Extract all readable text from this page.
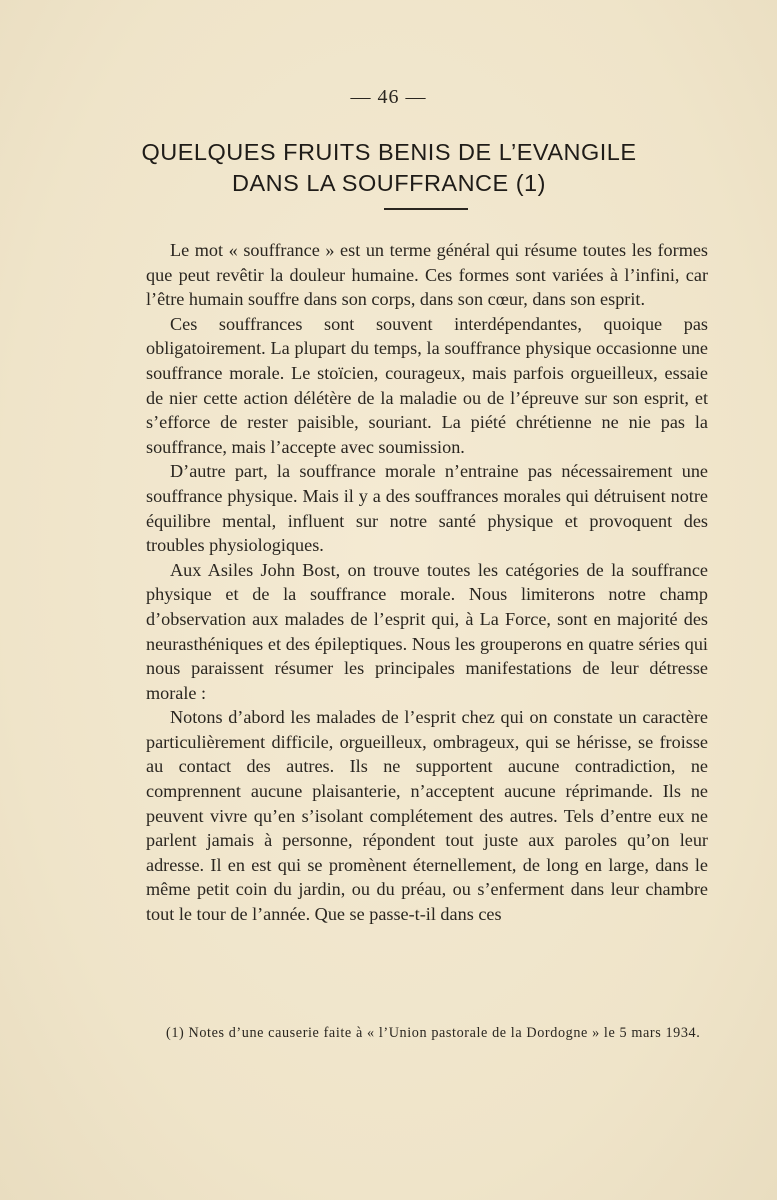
— 46 —
QUELQUES FRUITS BENIS DE L’EVANGILE
DANS LA SOUFFRANCE (1)

Le mot « souffrance » est un terme général qui résume toutes les formes que peut revêtir la douleur humaine. Ces formes sont variées à l’infini, car l’être humain souffre dans son corps, dans son cœur, dans son esprit.

Ces souffrances sont souvent interdépendantes, quoique pas obligatoirement. La plupart du temps, la souffrance physique occasionne une souffrance morale. Le stoïcien, courageux, mais parfois orgueilleux, essaie de nier cette action délétère de la maladie ou de l’épreuve sur son esprit, et s’efforce de rester paisible, souriant. La piété chrétienne ne nie pas la souffrance, mais l’accepte avec soumission.

D’autre part, la souffrance morale n’entraine pas nécessairement une souffrance physique. Mais il y a des souffrances morales qui détruisent notre équilibre mental, influent sur notre santé physique et provoquent des troubles physiologiques.

Aux Asiles John Bost, on trouve toutes les catégories de la souffrance physique et de la souffrance morale. Nous limiterons notre champ d’observation aux malades de l’esprit qui, à La Force, sont en majorité des neurasthéniques et des épileptiques. Nous les grouperons en quatre séries qui nous paraissent résumer les principales manifestations de leur détresse morale :

Notons d’abord les malades de l’esprit chez qui on constate un caractère particulièrement difficile, orgueilleux, ombrageux, qui se hérisse, se froisse au contact des autres. Ils ne supportent aucune contradiction, ne comprennent aucune plaisanterie, n’acceptent aucune réprimande. Ils ne peuvent vivre qu’en s’isolant complétement des autres. Tels d’entre eux ne parlent jamais à personne, répondent tout juste aux paroles qu’on leur adresse. Il en est qui se promènent éternellement, de long en large, dans le même petit coin du jardin, ou du préau, ou s’enferment dans leur chambre tout le tour de l’année. Que se passe-t-il dans ces

(1) Notes d’une causerie faite à « l’Union pastorale de la Dordogne » le 5 mars 1934.
